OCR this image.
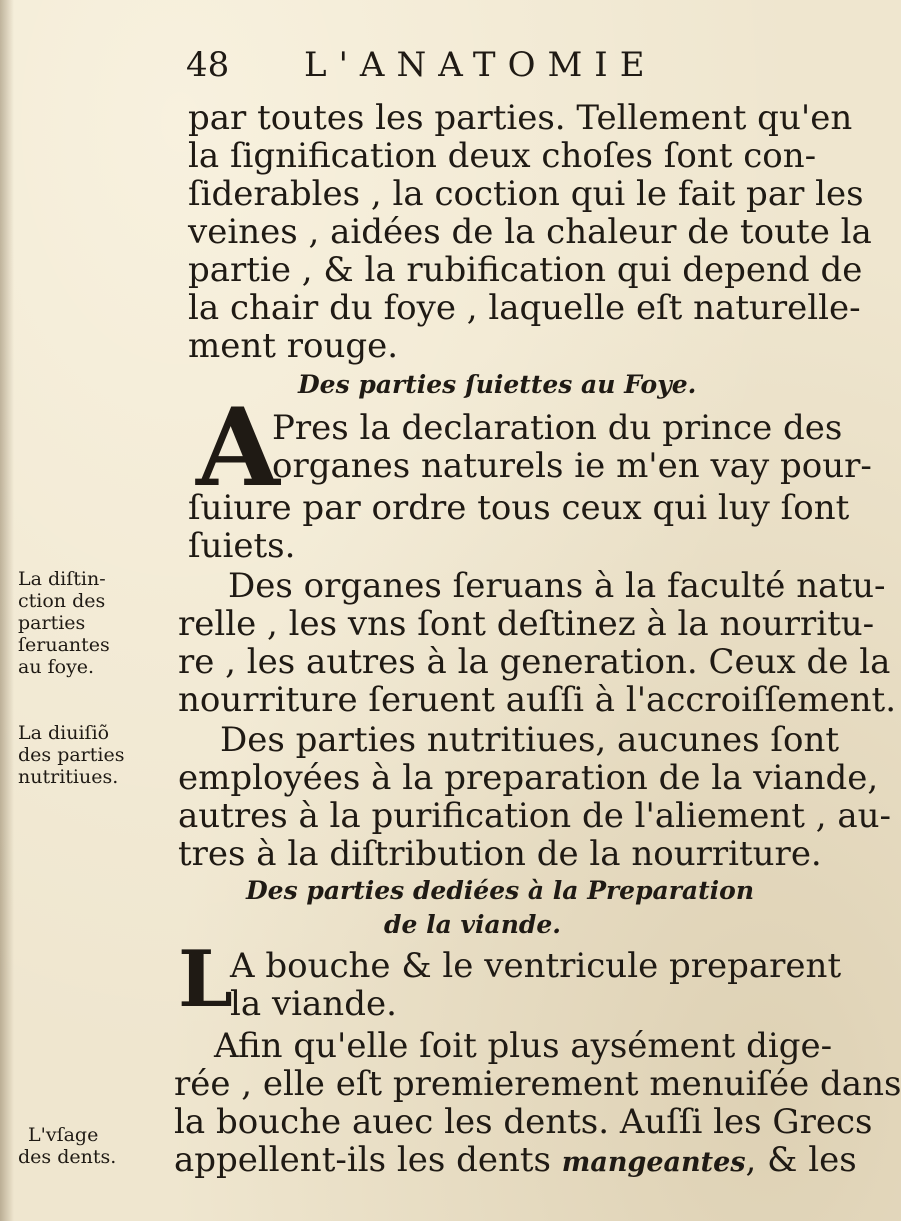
48 L'ANATOMIE
par toutes les parties. Tellement qu'en
la ſignification deux choſes ſont con-
ſiderables , la coction qui le fait par les
veines , aidées de la chaleur de toute la
partie , & la rubification qui depend de
la chair du foye , laquelle eſt naturelle-
ment rouge.
Des parties ſuiettes au Foye.
A
Pres la declaration du prince des
organes naturels ie m'en vay pour-
ſuiure par ordre tous ceux qui luy ſont
ſuiets.
Des organes ſeruans à la faculté natu-
relle , les vns ſont deſtinez à la nourritu-
re , les autres à la generation. Ceux de la
nourriture ſeruent auſſi à l'accroiſſement.
Des parties nutritiues, aucunes ſont
employées à la preparation de la viande,
autres à la purification de l'aliement , au-
tres à la diſtribution de la nourriture.
Des parties dediées à la Preparation
de la viande.
L
A bouche & le ventricule preparent
la viande.
Afin qu'elle ſoit plus aysément dige-
rée , elle eſt premierement menuiſée dans
la bouche auec les dents. Auſſi les Grecs
appellent-ils les dents mangeantes, & les
La diſtin-
ction des
parties
ſeruantes
au foye.
La diuiſiõ
des parties
nutritiues.
L'vſage
des dents.
